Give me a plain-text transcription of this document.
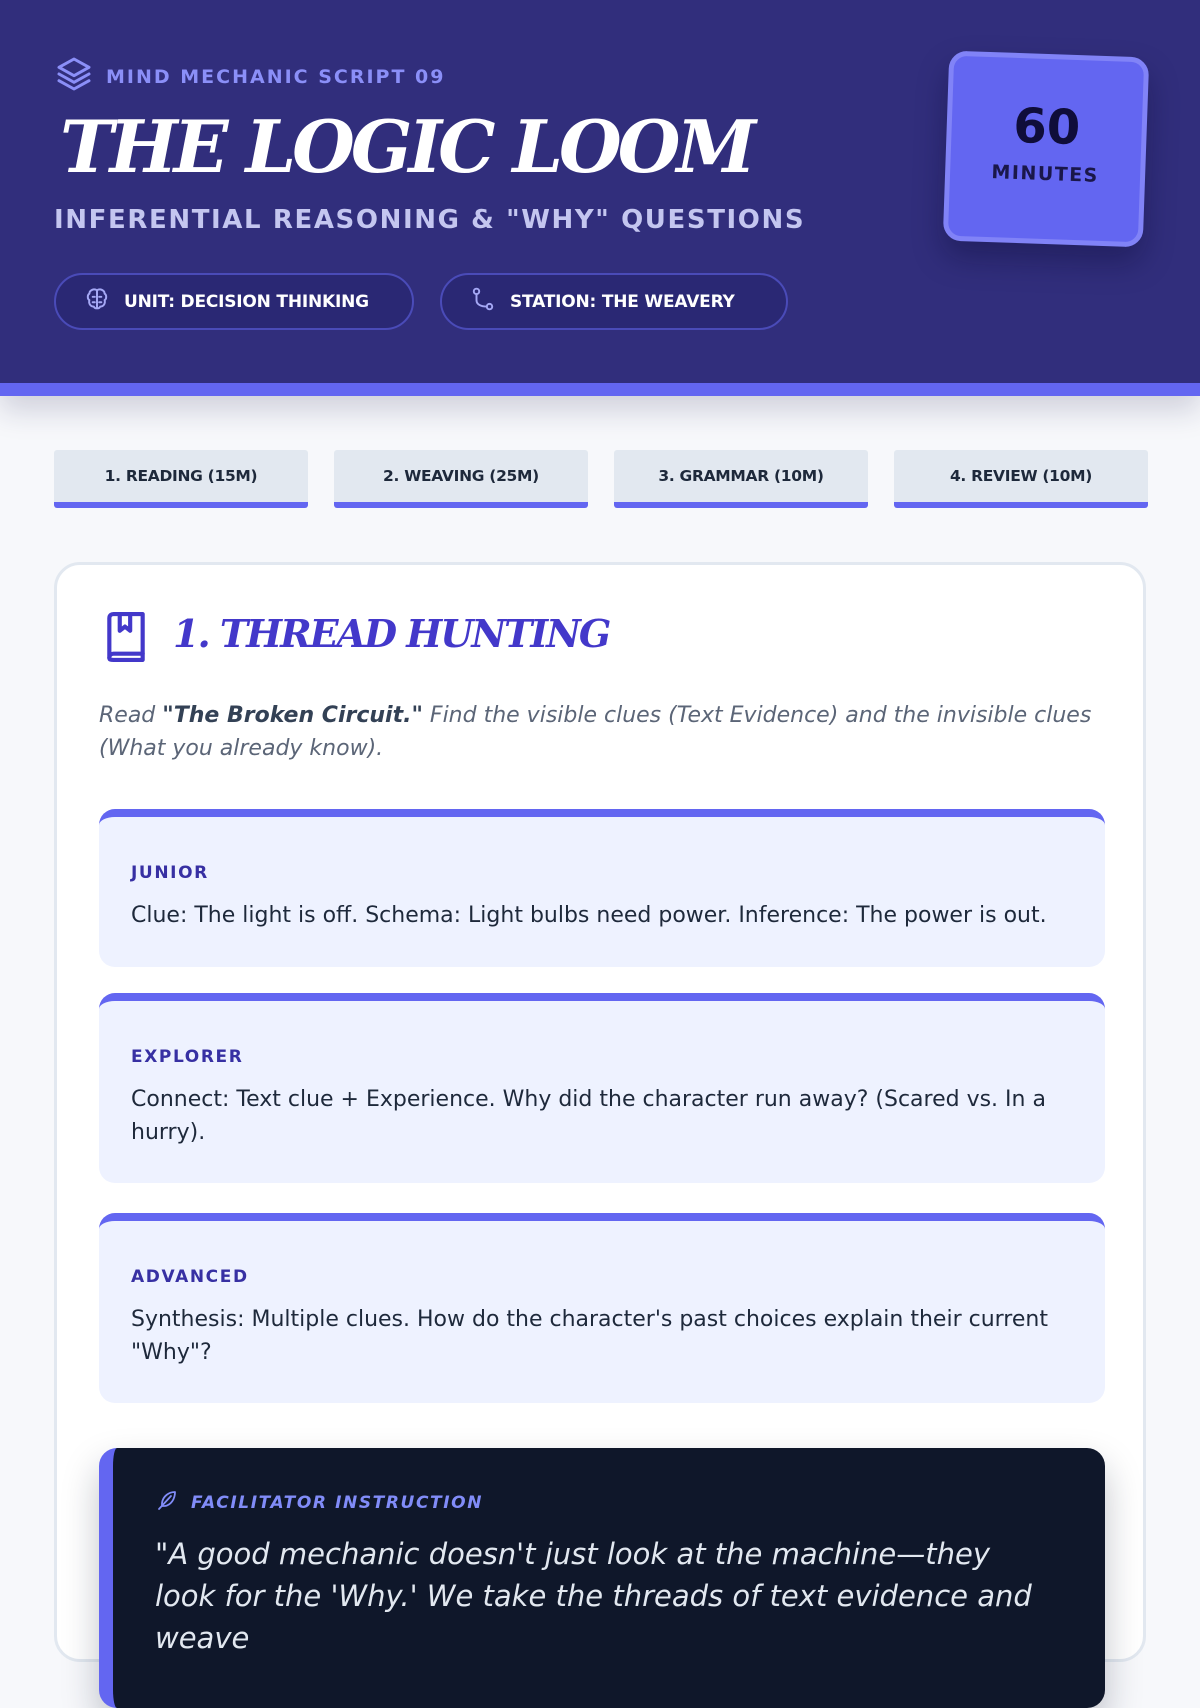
MIND MECHANIC SCRIPT 09
THE LOGIC LOOM
INFERENTIAL REASONING & "WHY" QUESTIONS
UNIT: DECISION THINKING	STATION: THE WEAVERY
60
MINUTES
1. READING (15M)	2. WEAVING (25M)	3. GRAMMAR (10M)	4. REVIEW (10M)
1. THREAD HUNTING

Read "The Broken Circuit." Find the visible clues (Text Evidence) and the invisible clues (What you already know).

JUNIOR
Clue: The light is off. Schema: Light bulbs need power. Inference: The power is out.
EXPLORER
Connect: Text clue + Experience. Why did the character run away? (Scared vs. In a hurry).
ADVANCED
Synthesis: Multiple clues. How do the character's past choices explain their current "Why"?
FACILITATOR INSTRUCTION

"A good mechanic doesn't just look at the machine—they look for the 'Why.' We take the threads of text evidence and weave
